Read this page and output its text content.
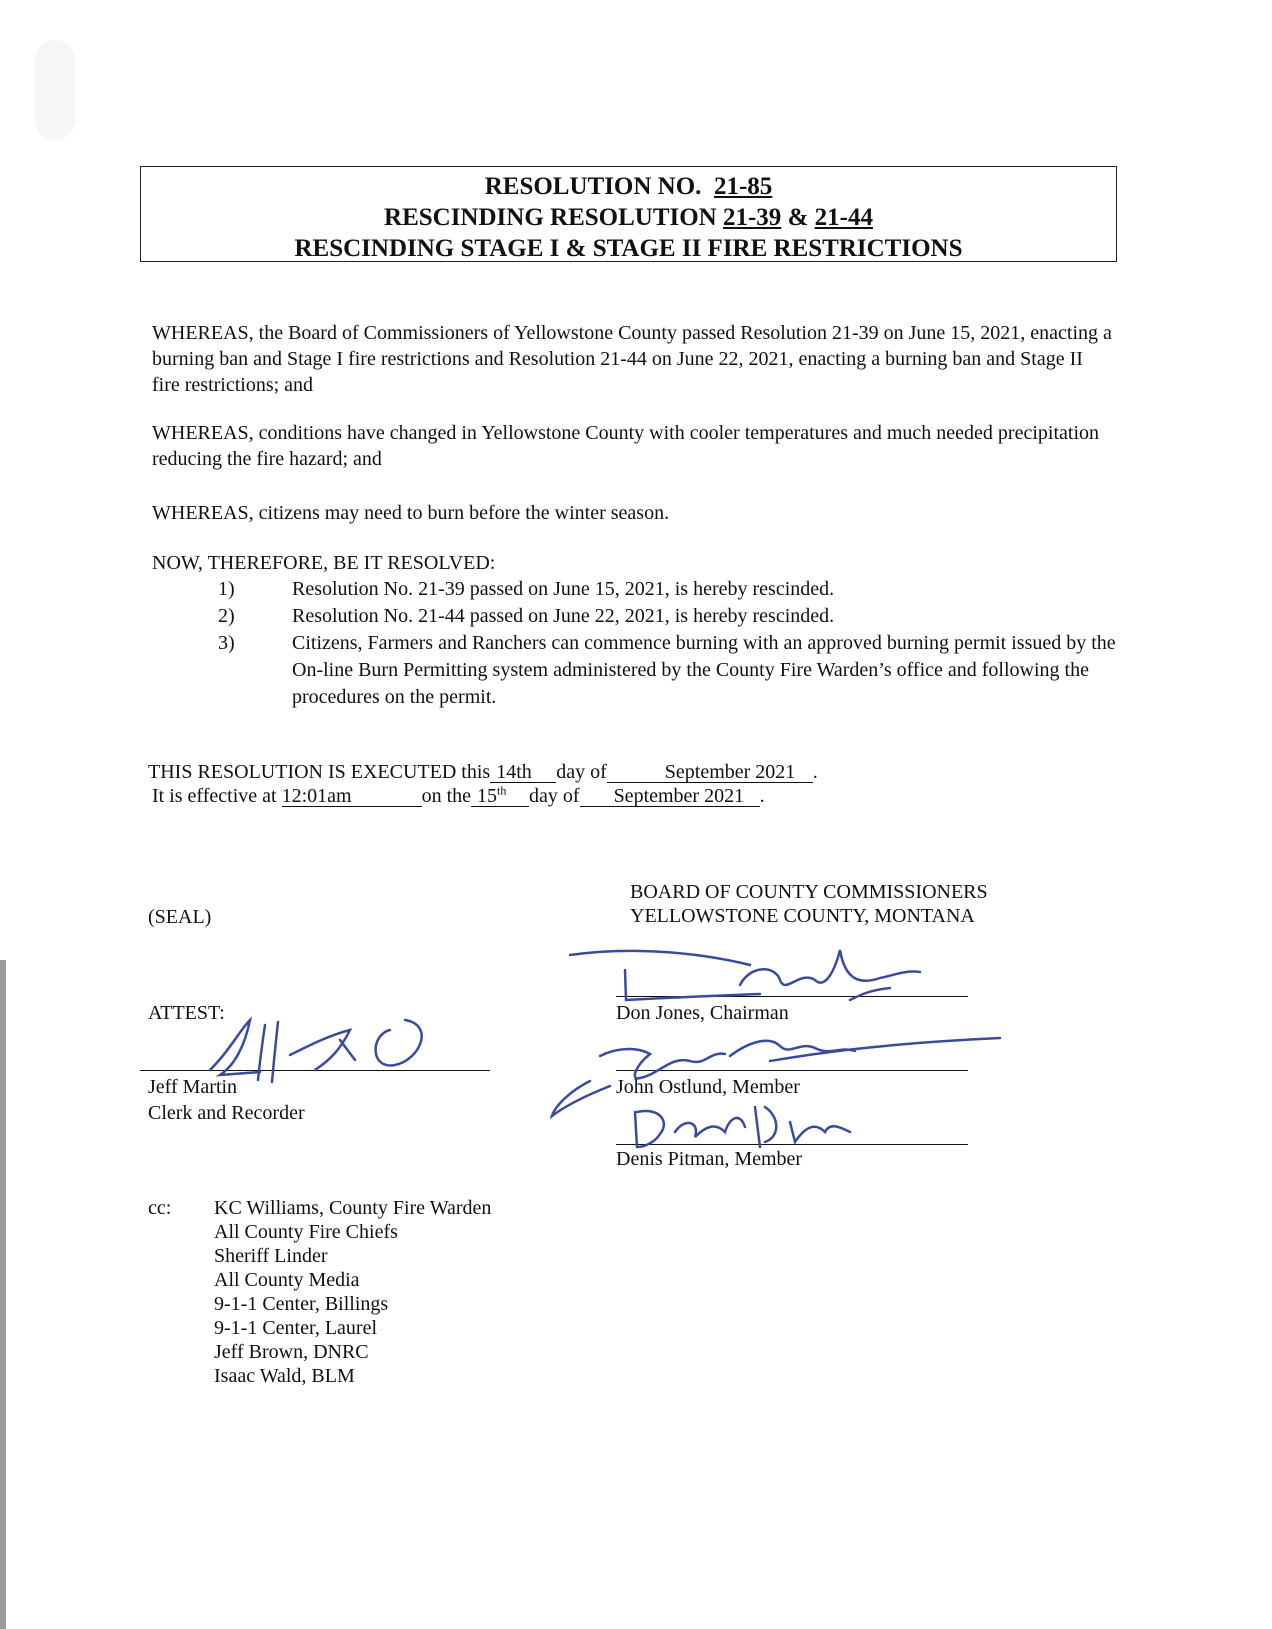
RESOLUTION NO. 21-85
RESCINDING RESOLUTION 21-39 & 21-44
RESCINDING STAGE I & STAGE II FIRE RESTRICTIONS

WHEREAS, the Board of Commissioners of Yellowstone County passed Resolution 21-39 on June 15, 2021, enacting a burning ban and Stage I fire restrictions and Resolution 21-44 on June 22, 2021, enacting a burning ban and Stage II fire restrictions; and

WHEREAS, conditions have changed in Yellowstone County with cooler temperatures and much needed precipitation reducing the fire hazard; and

WHEREAS, citizens may need to burn before the winter season.

NOW, THEREFORE, BE IT RESOLVED:

1)	Resolution No. 21-39 passed on June 15, 2021, is hereby rescinded.
2)	Resolution No. 21-44 passed on June 22, 2021, is hereby rescinded.
3)	Citizens, Farmers and Ranchers can commence burning with an approved burning permit issued by the On-line Burn Permitting system administered by the County Fire Warden’s office and following the procedures on the permit.
THIS RESOLUTION IS EXECUTED this 14th day of	September 2021 .
It is effective at 12:01am	on the 15th day of September 2021 .
BOARD OF COUNTY COMMISSIONERS
YELLOWSTONE COUNTY, MONTANA
(SEAL)
ATTEST:
Jeff Martin
Clerk and Recorder
Don Jones, Chairman
John Ostlund, Member
Denis Pitman, Member
cc:	KC Williams, County Fire Warden
All County Fire Chiefs
Sheriff Linder
All County Media
9-1-1 Center, Billings
9-1-1 Center, Laurel
Jeff Brown, DNRC
Isaac Wald, BLM
